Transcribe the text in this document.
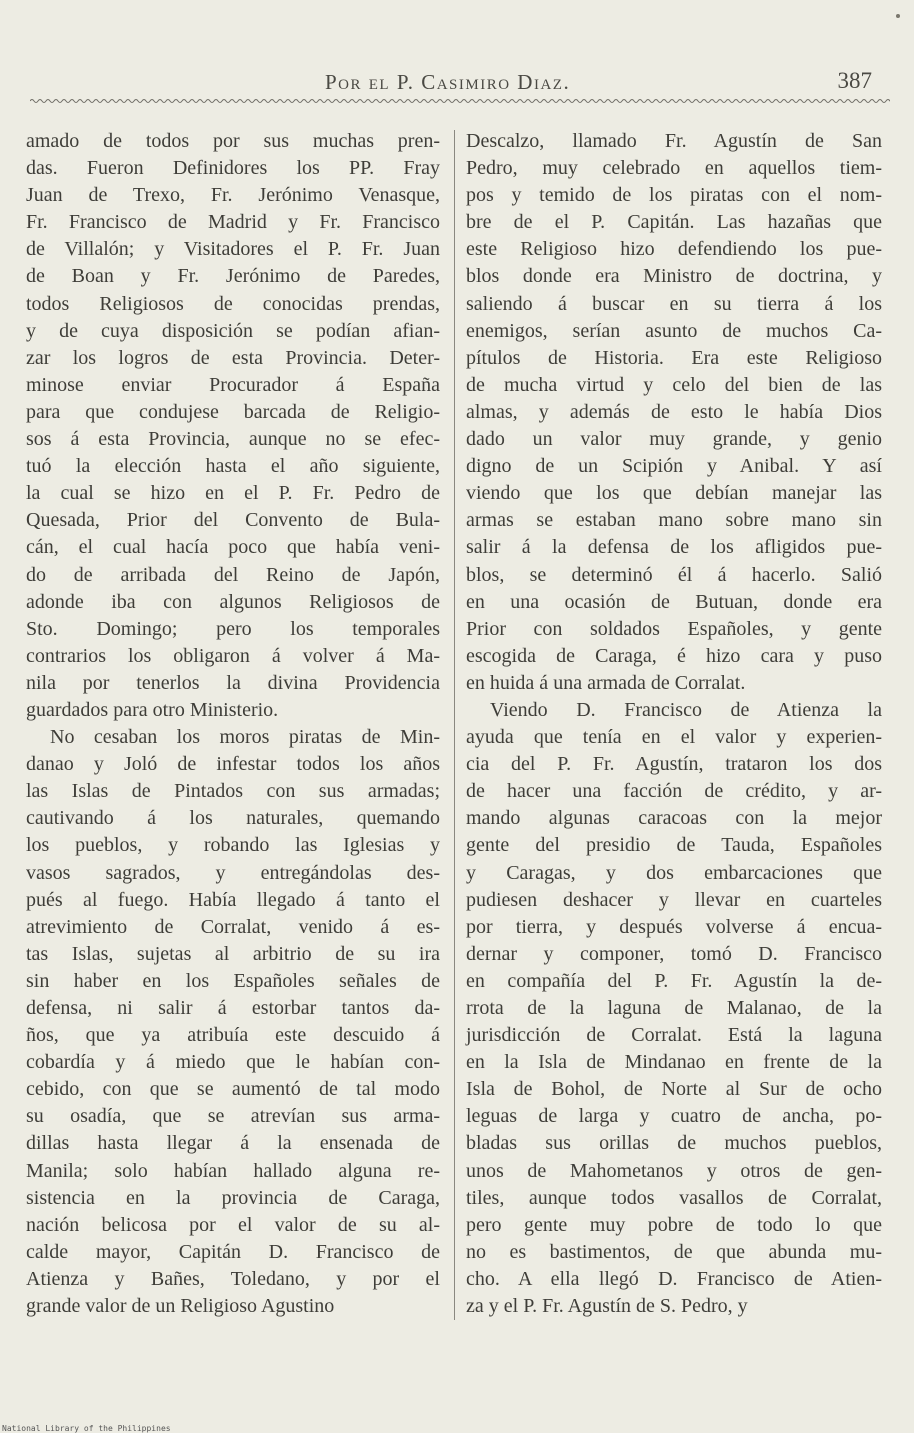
Por el P. Casimiro Diaz.	387
amado de todos por sus muchas pren-
das. Fueron Definidores los PP. Fray
Juan de Trexo, Fr. Jerónimo Venasque,
Fr. Francisco de Madrid y Fr. Francisco
de Villalón; y Visitadores el P. Fr. Juan
de Boan y Fr. Jerónimo de Paredes,
todos Religiosos de conocidas prendas,
y de cuya disposición se podían afian-
zar los logros de esta Provincia. Deter-
minose enviar Procurador á España
para que condujese barcada de Religio-
sos á esta Provincia, aunque no se efec-
tuó la elección hasta el año siguiente,
la cual se hizo en el P. Fr. Pedro de
Quesada, Prior del Convento de Bula-
cán, el cual hacía poco que había veni-
do de arribada del Reino de Japón,
adonde iba con algunos Religiosos de
Sto. Domingo; pero los temporales
contrarios los obligaron á volver á Ma-
nila por tenerlos la divina Providencia
guardados para otro Ministerio.
No cesaban los moros piratas de Min-
danao y Joló de infestar todos los años
las Islas de Pintados con sus armadas;
cautivando á los naturales, quemando
los pueblos, y robando las Iglesias y
vasos sagrados, y entregándolas des-
pués al fuego. Había llegado á tanto el
atrevimiento de Corralat, venido á es-
tas Islas, sujetas al arbitrio de su ira
sin haber en los Españoles señales de
defensa, ni salir á estorbar tantos da-
ños, que ya atribuía este descuido á
cobardía y á miedo que le habían con-
cebido, con que se aumentó de tal modo
su osadía, que se atrevían sus arma-
dillas hasta llegar á la ensenada de
Manila; solo habían hallado alguna re-
sistencia en la provincia de Caraga,
nación belicosa por el valor de su al-
calde mayor, Capitán D. Francisco de
Atienza y Bañes, Toledano, y por el
grande valor de un Religioso Agustino
Descalzo, llamado Fr. Agustín de San
Pedro, muy celebrado en aquellos tiem-
pos y temido de los piratas con el nom-
bre de el P. Capitán. Las hazañas que
este Religioso hizo defendiendo los pue-
blos donde era Ministro de doctrina, y
saliendo á buscar en su tierra á los
enemigos, serían asunto de muchos Ca-
pítulos de Historia. Era este Religioso
de mucha virtud y celo del bien de las
almas, y además de esto le había Dios
dado un valor muy grande, y genio
digno de un Scipión y Anibal. Y así
viendo que los que debían manejar las
armas se estaban mano sobre mano sin
salir á la defensa de los afligidos pue-
blos, se determinó él á hacerlo. Salió
en una ocasión de Butuan, donde era
Prior con soldados Españoles, y gente
escogida de Caraga, é hizo cara y puso
en huida á una armada de Corralat.
Viendo D. Francisco de Atienza la
ayuda que tenía en el valor y experien-
cia del P. Fr. Agustín, trataron los dos
de hacer una facción de crédito, y ar-
mando algunas caracoas con la mejor
gente del presidio de Tauda, Españoles
y Caragas, y dos embarcaciones que
pudiesen deshacer y llevar en cuarteles
por tierra, y después volverse á encua-
dernar y componer, tomó D. Francisco
en compañía del P. Fr. Agustín la de-
rrota de la laguna de Malanao, de la
jurisdicción de Corralat. Está la laguna
en la Isla de Mindanao en frente de la
Isla de Bohol, de Norte al Sur de ocho
leguas de larga y cuatro de ancha, po-
bladas sus orillas de muchos pueblos,
unos de Mahometanos y otros de gen-
tiles, aunque todos vasallos de Corralat,
pero gente muy pobre de todo lo que
no es bastimentos, de que abunda mu-
cho. A ella llegó D. Francisco de Atien-
za y el P. Fr. Agustín de S. Pedro, y
National Library of the Philippines
